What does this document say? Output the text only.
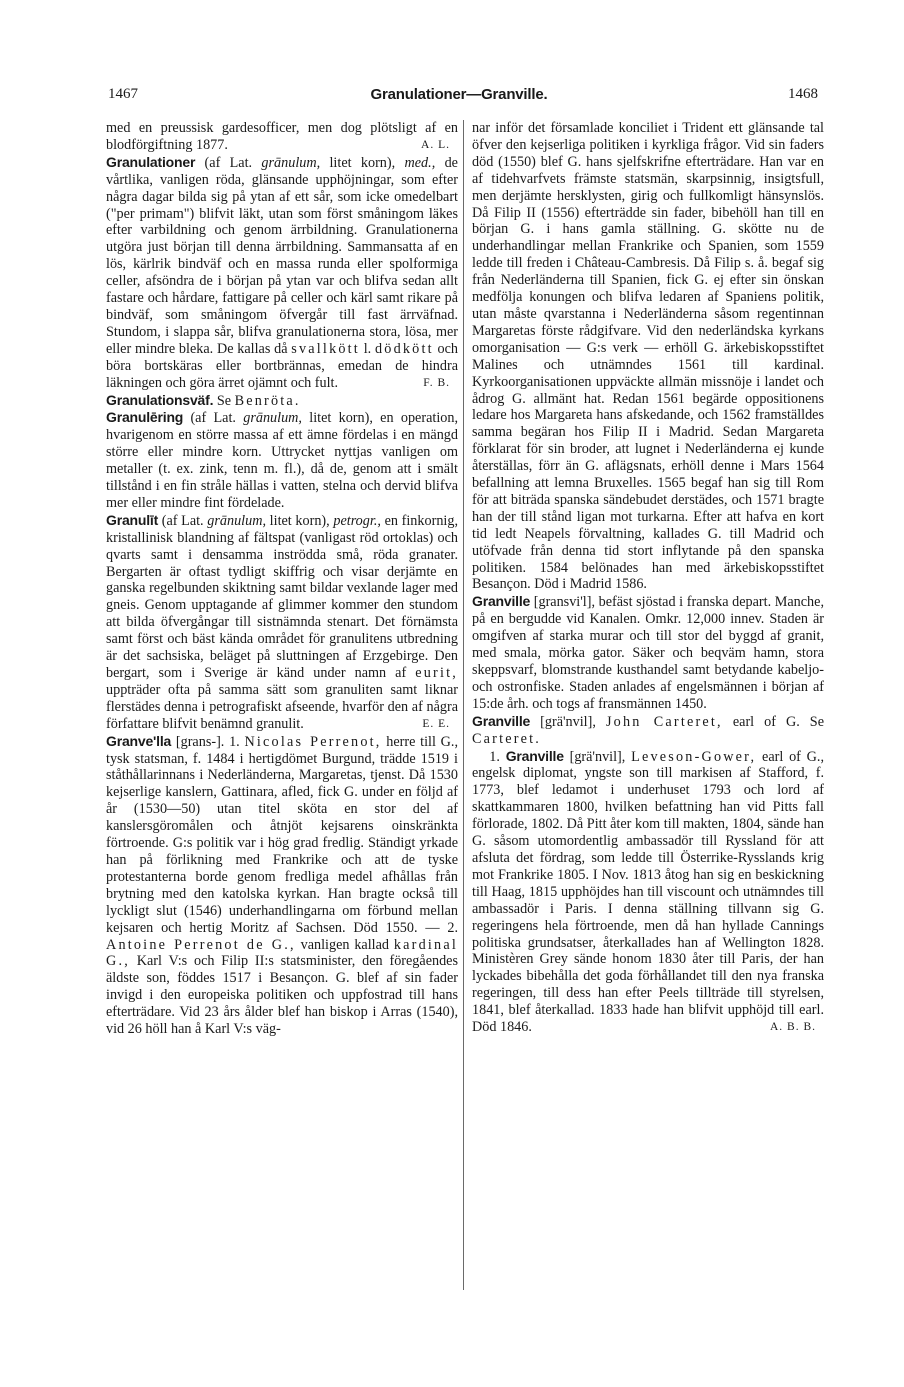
1467	Granulationer—Granville.	1468

med en preussisk gardesofficer, men dog plötsligt af en blodförgiftning 1877.	A. L.

Granulationer (af Lat. grānulum, litet korn), med., de vårtlika, vanligen röda, glänsande upphöjningar, som efter några dagar bilda sig på ytan af ett sår, som icke omedelbart ("per primam") blifvit läkt, utan som först småningom läkes efter varbildning och genom ärrbildning. Granulationerna utgöra just början till denna ärrbildning. Sammansatta af en lös, kärlrik bindväf och en massa runda eller spolformiga celler, afsöndra de i början på ytan var och blifva sedan allt fastare och hårdare, fattigare på celler och kärl samt rikare på bindväf, som småningom öfvergår till fast ärrväfnad. Stundom, i slappa sår, blifva granulationerna stora, lösa, mer eller mindre bleka. De kallas då svallkött l. dödkött och böra bortskäras eller bortbrännas, emedan de hindra läkningen och göra ärret ojämnt och fult.	F. B.

Granulationsväf. Se Benröta.

Granulēring (af Lat. grānulum, litet korn), en operation, hvarigenom en större massa af ett ämne fördelas i en mängd större eller mindre korn. Uttrycket nyttjas vanligen om metaller (t. ex. zink, tenn m. fl.), då de, genom att i smält tillstånd i en fin stråle hällas i vatten, stelna och dervid blifva mer eller mindre fint fördelade.

Granulīt (af Lat. grānulum, litet korn), petrogr., en finkornig, kristallinisk blandning af fältspat (vanligast röd ortoklas) och qvarts samt i densamma inströdda små, röda granater. Bergarten är oftast tydligt skiffrig och visar derjämte en ganska regelbunden skiktning samt bildar vexlande lager med gneis. Genom upptagande af glimmer kommer den stundom att bilda öfvergångar till sistnämnda stenart. Det förnämsta samt först och bäst kända området för granulitens utbredning är det sachsiska, beläget på sluttningen af Erzgebirge. Den bergart, som i Sverige är känd under namn af eurit, uppträder ofta på samma sätt som granuliten samt liknar flerstädes denna i petrografiskt afseende, hvarför den af några författare blifvit benämnd granulit.	E. E.

Granve'lla [grans-]. 1. Nicolas Perrenot, herre till G., tysk statsman, f. 1484 i hertigdömet Burgund, trädde 1519 i ståthållarinnans i Nederländerna, Margaretas, tjenst. Då 1530 kejserlige kanslern, Gattinara, afled, fick G. under en följd af år (1530—50) utan titel sköta en stor del af kanslersgöromålen och åtnjöt kejsarens oinskränkta förtroende. G:s politik var i hög grad fredlig. Ständigt yrkade han på förlikning med Frankrike och att de tyske protestanterna borde genom fredliga medel afhållas från brytning med den katolska kyrkan. Han bragte också till lyckligt slut (1546) underhandlingarna om förbund mellan kejsaren och hertig Moritz af Sachsen. Död 1550. — 2. Antoine Perrenot de G., vanligen kallad kardinal G., Karl V:s och Filip II:s statsminister, den föregåendes äldste son, föddes 1517 i Besançon. G. blef af sin fader invigd i den europeiska politiken och uppfostrad till hans efterträdare. Vid 23 års ålder blef han biskop i Arras (1540), vid 26 höll han å Karl V:s väg-

nar inför det församlade konciliet i Trident ett glänsande tal öfver den kejserliga politiken i kyrkliga frågor. Vid sin faders död (1550) blef G. hans sjelfskrifne efterträdare. Han var en af tidehvarfvets främste statsmän, skarpsinnig, insigtsfull, men derjämte hersklysten, girig och fullkomligt hänsynslös. Då Filip II (1556) efterträdde sin fader, bibehöll han till en början G. i hans gamla ställning. G. skötte nu de underhandlingar mellan Frankrike och Spanien, som 1559 ledde till freden i Château-Cambresis. Då Filip s. å. begaf sig från Nederländerna till Spanien, fick G. ej efter sin önskan medfölja konungen och blifva ledaren af Spaniens politik, utan måste qvarstanna i Nederländerna såsom regentinnan Margaretas förste rådgifvare. Vid den nederländska kyrkans omorganisation — G:s verk — erhöll G. ärkebiskopsstiftet Malines och utnämndes 1561 till kardinal. Kyrkoorganisationen uppväckte allmän missnöje i landet och ådrog G. allmänt hat. Redan 1561 begärde oppositionens ledare hos Margareta hans afskedande, och 1562 framställdes samma begäran hos Filip II i Madrid. Sedan Margareta förklarat för sin broder, att lugnet i Nederländerna ej kunde återställas, förr än G. aflägsnats, erhöll denne i Mars 1564 befallning att lemna Bruxelles. 1565 begaf han sig till Rom för att biträda spanska sändebudet derstädes, och 1571 bragte han der till stånd ligan mot turkarna. Efter att hafva en kort tid ledt Neapels förvaltning, kallades G. till Madrid och utöfvade från denna tid stort inflytande på den spanska politiken. 1584 belönades han med ärkebiskopsstiftet Besançon. Död i Madrid 1586.

Granville [gransvi'l], befäst sjöstad i franska depart. Manche, på en bergudde vid Kanalen. Omkr. 12,000 innev. Staden är omgifven af starka murar och till stor del byggd af granit, med smala, mörka gator. Säker och beqväm hamn, stora skeppsvarf, blomstrande kusthandel samt betydande kabeljo- och ostronfiske. Staden anlades af engelsmännen i början af 15:de årh. och togs af fransmännen 1450.

Granville [grä'nvil], John Carteret, earl of G. Se Carteret.

1. Granville [grä'nvil], Leveson-Gower, earl of G., engelsk diplomat, yngste son till markisen af Stafford, f. 1773, blef ledamot i underhuset 1793 och lord af skattkammaren 1800, hvilken befattning han vid Pitts fall förlorade, 1802. Då Pitt åter kom till makten, 1804, sände han G. såsom utomordentlig ambassadör till Ryssland för att afsluta det fördrag, som ledde till Österrike-Rysslands krig mot Frankrike 1805. I Nov. 1813 åtog han sig en beskickning till Haag, 1815 upphöjdes han till viscount och utnämndes till ambassadör i Paris. I denna ställning tillvann sig G. regeringens hela förtroende, men då han hyllade Cannings politiska grundsatser, återkallades han af Wellington 1828. Ministèren Grey sände honom 1830 åter till Paris, der han lyckades bibehålla det goda förhållandet till den nya franska regeringen, till dess han efter Peels tillträde till styrelsen, 1841, blef återkallad. 1833 hade han blifvit upphöjd till earl. Död 1846.	A. B. B.
